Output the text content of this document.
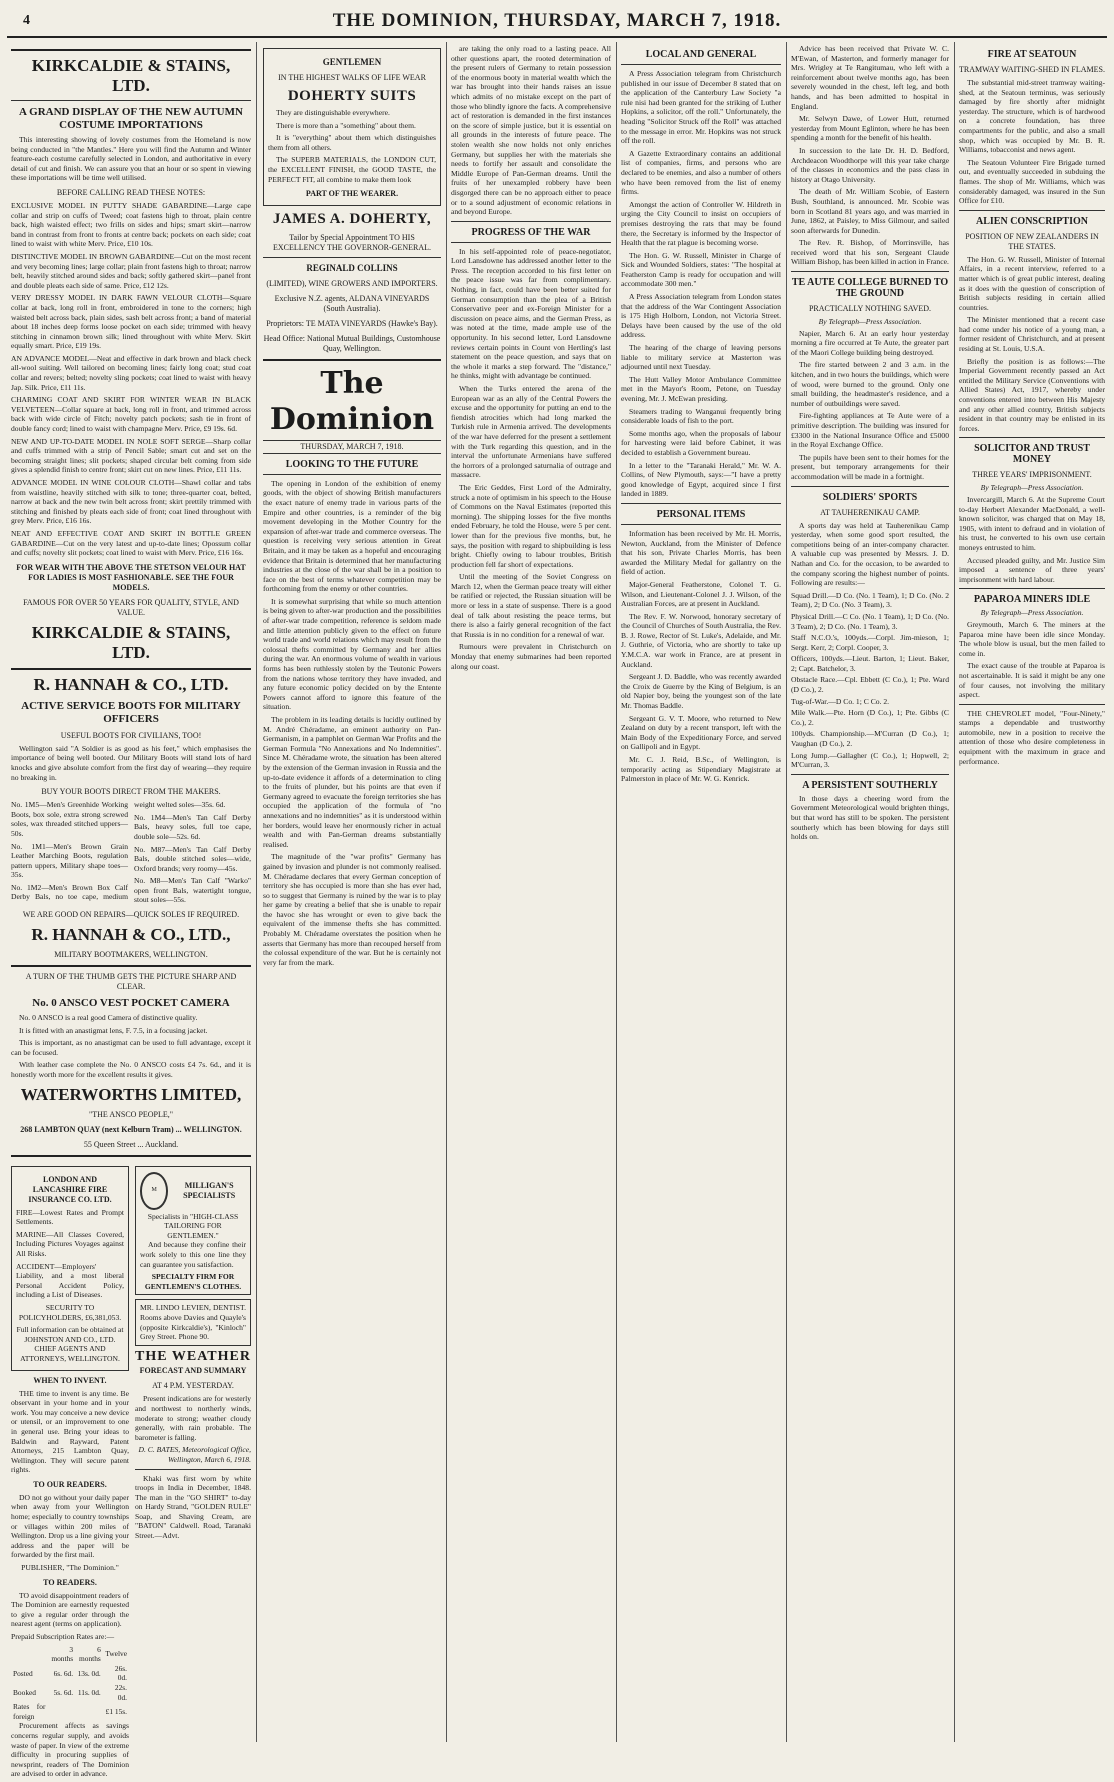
4	THE DOMINION, THURSDAY, MARCH 7, 1918.
KIRKCALDIE & STAINS, LTD.
A GRAND DISPLAY OF THE NEW AUTUMN COSTUME IMPORTATIONS

This interesting showing of lovely costumes from the Homeland is now being conducted in "the Mantles." Here you will find the Autumn and Winter feature-each costume carefully selected in London, and authoritative in every detail of cut and finish. We can assure you that an hour or so spent in viewing these importations will be time well utilised.

BEFORE CALLING READ THESE NOTES:
EXCLUSIVE MODEL IN PUTTY SHADE GABARDINE—Large cape collar and strip on cuffs of Tweed; coat fastens high to throat, plain centre back, high waisted effect; two frills on sides and hips; smart skirt—narrow band in contrast from front to fronts at centre back; pockets on each side; coat lined to waist with white Merv. Price, £10 10s.
DISTINCTIVE MODEL IN BROWN GABARDINE—Cut on the most recent and very becoming lines; large collar; plain front fastens high to throat; narrow belt, heavily stitched around sides and back; softly gathered skirt—panel front and double pleats each side of same. Price, £12 12s.
VERY DRESSY MODEL IN DARK FAWN VELOUR CLOTH—Square collar at back, long roll in front, embroidered in tone to the corners; high waisted belt across back, plain sides, sash belt across front; a band of material about 18 inches deep forms loose pocket on each side; trimmed with heavy stitching in cinnamon brown silk; lined throughout with white Merv. Skirt equally smart. Price, £19 19s.
AN ADVANCE MODEL—Neat and effective in dark brown and black check all-wool suiting. Well tailored on becoming lines; fairly long coat; stud coat collar and revers; belted; novelty sling pockets; coat lined to waist with heavy Jap. Silk. Price, £11 11s.
CHARMING COAT AND SKIRT FOR WINTER WEAR IN BLACK VELVETEEN—Collar square at back, long roll in front, and trimmed across back with wide circle of Fitch; novelty patch pockets; sash tie in front of double fancy cord; lined to waist with champagne Merv. Price, £9 19s. 6d.
NEW AND UP-TO-DATE MODEL IN NOLE SOFT SERGE—Sharp collar and cuffs trimmed with a strip of Pencil Sable; smart cut and set on the becoming straight lines; slit pockets; shaped circular belt coming from side gives a splendid finish to centre front; skirt cut on new lines. Price, £11 11s.
ADVANCE MODEL IN WINE COLOUR CLOTH—Shawl collar and tabs from waistline, heavily stitched with silk to tone; three-quarter coat, belted, narrow at back and the new twin belt across front; skirt prettily trimmed with stitching and finished by pleats each side of front; coat lined throughout with grey Merv. Price, £16 16s.
NEAT AND EFFECTIVE COAT AND SKIRT IN BOTTLE GREEN GABARDINE—Cut on the very latest and up-to-date lines; Opossum collar and cuffs; novelty slit pockets; coat lined to waist with Merv. Price, £16 16s.
FOR WEAR WITH THE ABOVE THE STETSON VELOUR HAT FOR LADIES IS MOST FASHIONABLE. SEE THE FOUR MODELS.
FAMOUS FOR OVER 50 YEARS FOR QUALITY, STYLE, AND VALUE.
KIRKCALDIE & STAINS, LTD.
R. HANNAH & CO., LTD.
ACTIVE SERVICE BOOTS FOR MILITARY OFFICERS
USEFUL BOOTS FOR CIVILIANS, TOO!

Wellington said "A Soldier is as good as his feet," which emphasises the importance of being well booted. Our Military Boots will stand lots of hard knocks and give absolute comfort from the first day of wearing—they require no breaking in.

BUY YOUR BOOTS DIRECT FROM THE MAKERS.
No. 1M5—Men's Greenhide Working Boots, box sole, extra strong screwed soles, wax threaded stitched uppers—50s.
No. 1M1—Men's Brown Grain Leather Marching Boots, regulation pattern uppers, Military shape toes—35s.
No. 1M2—Men's Brown Box Calf Derby Bals, no toe cape, medium weight welted soles—35s. 6d.
No. 1M4—Men's Tan Calf Derby Bals, heavy soles, full toe cape, double sole—52s. 6d.
No. M87—Men's Tan Calf Derby Bals, double stitched soles—wide, Oxford brands; very roomy—45s.
No. M8—Men's Tan Calf "Warko" open front Bals, watertight tongue, stout soles—55s.
WE ARE GOOD ON REPAIRS—QUICK SOLES IF REQUIRED.
R. HANNAH & CO., LTD.,
MILITARY BOOTMAKERS, WELLINGTON.
A TURN OF THE THUMB GETS THE PICTURE SHARP AND CLEAR.
No. 0 ANSCO VEST POCKET CAMERA

No. 0 ANSCO is a real good Camera of distinctive quality.

It is fitted with an anastigmat lens, F. 7.5, in a focusing jacket.

This is important, as no anastigmat can be used to full advantage, except it can be focused.

With leather case complete the No. 0 ANSCO costs £4 7s. 6d., and it is honestly worth more for the excellent results it gives.

WATERWORTHS LIMITED,
"THE ANSCO PEOPLE,"
268 LAMBTON QUAY (next Kelburn Tram) ... WELLINGTON.
55 Queen Street ... Auckland.
LONDON AND LANCASHIRE FIRE INSURANCE CO. LTD.
FIRE—Lowest Rates and Prompt Settlements.
MARINE—All Classes Covered, Including Pictures Voyages against All Risks.
ACCIDENT—Employers' Liability, and a most liberal Personal Accident Policy, including a List of Diseases.
SECURITY TO POLICYHOLDERS, £6,381,053.
Full information can be obtained at JOHNSTON AND CO., LTD. CHIEF AGENTS AND ATTORNEYS, WELLINGTON.
WHEN TO INVENT.

THE time to invent is any time. Be observant in your home and in your work. You may conceive a new device or utensil, or an improvement to one in general use. Bring your ideas to Baldwin and Rayward, Patent Attorneys, 215 Lambton Quay, Wellington. They will secure patent rights.

TO OUR READERS.

DO not go without your daily paper when away from your Wellington home; especially to country townships or villages within 200 miles of Wellington. Drop us a line giving your address and the paper will be forwarded by the first mail.

PUBLISHER, "The Dominion."
TO READERS.

TO avoid disappointment readers of The Dominion are earnestly requested to give a regular order through the nearest agent (terms on application).

Prepaid Subscription Rates are:—
	3 months	6 months	Twelve
Posted	6s. 6d.	13s. 0d.	26s. 0d.
Booked	5s. 6d.	11s. 0d.	22s. 0d.
Rates for foreign			£1 15s.

Procurement affects as savings concerns regular supply, and avoids waste of paper. In view of the extreme difficulty in procuring supplies of newsprint, readers of The Dominion are advised to order in advance.

M
MILLIGAN'S SPECIALISTS
Specialists in "HIGH-CLASS TAILORING FOR GENTLEMEN."

And because they confine their work solely to this one line they can guarantee you satisfaction.

SPECIALTY FIRM FOR GENTLEMEN'S CLOTHES.
MR. LINDO LEVIEN, DENTIST. Rooms above Davies and Quayle's (opposite Kirkcaldie's), "Kinloch" Grey Street. Phone 90.
THE WEATHER
FORECAST AND SUMMARY
AT 4 P.M. YESTERDAY.

Present indications are for westerly and northwest to northerly winds, moderate to strong; weather cloudy generally, with rain probable. The barometer is falling.

D. C. BATES, Meteorological Office, Wellington, March 6, 1918.

Khaki was first worn by white troops in India in December, 1848. The man in the "GO SHIRT" to-day on Hardy Strand, "GOLDEN RULE" Soap, and Shaving Cream, are "BATON" Caldwell. Road, Taranaki Street.—Advt.

GENTLEMEN
IN THE HIGHEST WALKS OF LIFE WEAR
DOHERTY SUITS

They are distinguishable everywhere.

There is more than a "something" about them.

It is "everything" about them which distinguishes them from all others.

The SUPERB MATERIALS, the LONDON CUT, the EXCELLENT FINISH, the GOOD TASTE, the PERFECT FIT, all combine to make them look

PART OF THE WEARER.
JAMES A. DOHERTY,
Tailor by Special Appointment TO HIS EXCELLENCY THE GOVERNOR-GENERAL.
REGINALD COLLINS
(LIMITED), WINE GROWERS AND IMPORTERS.
Exclusive N.Z. agents, ALDANA VINEYARDS (South Australia).
Proprietors: TE MATA VINEYARDS (Hawke's Bay).
Head Office: National Mutual Buildings, Customhouse Quay, Wellington.
The Dominion
THURSDAY, MARCH 7, 1918.
LOOKING TO THE FUTURE

The opening in London of the exhibition of enemy goods, with the object of showing British manufacturers the exact nature of enemy trade in various parts of the Empire and other countries, is a reminder of the big movement developing in the Mother Country for the expansion of after-war trade and commerce overseas. The question is receiving very serious attention in Great Britain, and it may be taken as a hopeful and encouraging evidence that Britain is determined that her manufacturing industries at the close of the war shall be in a position to face on the best of terms whatever competition may be forthcoming from the enemy or other countries.

It is somewhat surprising that while so much attention is being given to after-war production and the possibilities of after-war trade competition, reference is seldom made and little attention publicly given to the effect on future world trade and world relations which may result from the colossal thefts committed by Germany and her allies during the war. An enormous volume of wealth in various forms has been ruthlessly stolen by the Teutonic Powers from the nations whose territory they have invaded, and any future economic policy decided on by the Entente Powers cannot afford to ignore this feature of the situation.

The problem in its leading details is lucidly outlined by M. André Chéradame, an eminent authority on Pan-Germanism, in a pamphlet on German War Profits and the German Formula "No Annexations and No Indemnities". Since M. Chéradame wrote, the situation has been altered by the extension of the German invasion in Russia and the up-to-date evidence it affords of a determination to cling to the fruits of plunder, but his points are that even if Germany agreed to evacuate the foreign territories she has occupied the application of the formula of "no annexations and no indemnities" as it is understood within her borders, would leave her enormously richer in actual wealth and with Pan-German dreams substantially realised.

The magnitude of the "war profits" Germany has gained by invasion and plunder is not commonly realised. M. Chéradame declares that every German conception of territory she has occupied is more than she has ever had, so to suggest that Germany is ruined by the war is to play her game by creating a belief that she is unable to repair the havoc she has wrought or even to give back the equivalent of the immense thefts she has committed. Probably M. Chéradame overstates the position when he asserts that Germany has more than recouped herself from the colossal expenditure of the war. But he is certainly not very far from the mark.

are taking the only road to a lasting peace. All other questions apart, the rooted determination of the present rulers of Germany to retain possession of the enormous booty in material wealth which the war has brought into their hands raises an issue which admits of no mistake except on the part of those who blindly ignore the facts. A comprehensive act of restoration is demanded in the first instances on the score of simple justice, but it is essential on all grounds in the interests of future peace. The stolen wealth she now holds not only enriches Germany, but supplies her with the materials she needs to fortify her assault and consolidate the Middle Europe of Pan-German dreams. Until the fruits of her unexampled robbery have been disgorged there can be no approach either to peace or to a sound adjustment of economic relations in and beyond Europe.

PROGRESS OF THE WAR

In his self-appointed role of peace-negotiator, Lord Lansdowne has addressed another letter to the Press. The reception accorded to his first letter on the peace issue was far from complimentary. Nothing, in fact, could have been better suited for German consumption than the plea of a British Conservative peer and ex-Foreign Minister for a discussion on peace aims, and the German Press, as was noted at the time, made ample use of the opportunity. In his second letter, Lord Lansdowne reviews certain points in Count von Hertling's last statement on the peace question, and says that on the whole it marks a step forward. The "distance," he thinks, might with advantage be continued.

When the Turks entered the arena of the European war as an ally of the Central Powers the excuse and the opportunity for putting an end to the fiendish atrocities which had long marked the Turkish rule in Armenia arrived. The developments of the war have deferred for the present a settlement with the Turk regarding this question, and in the interval the unfortunate Armenians have suffered the horrors of a prolonged saturnalia of outrage and massacre.

The Eric Geddes, First Lord of the Admiralty, struck a note of optimism in his speech to the House of Commons on the Naval Estimates (reported this morning). The shipping losses for the five months ended February, he told the House, were 5 per cent. lower than for the previous five months, but, he says, the position with regard to shipbuilding is less bright. Chiefly owing to labour troubles, British production fell far short of expectations.

Until the meeting of the Soviet Congress on March 12, when the German peace treaty will either be ratified or rejected, the Russian situation will be more or less in a state of suspense. There is a good deal of talk about resisting the peace terms, but there is also a fairly general recognition of the fact that Russia is in no condition for a renewal of war.

Rumours were prevalent in Christchurch on Monday that enemy submarines had been reported along our coast.

LOCAL AND GENERAL

A Press Association telegram from Christchurch published in our issue of December 8 stated that on the application of the Canterbury Law Society "a rule nisi had been granted for the striking of Luther Hopkins, a solicitor, off the roll." Unfortunately, the heading "Solicitor Struck off the Roll" was attached to the message in error. Mr. Hopkins was not struck off the roll.

A Gazette Extraordinary contains an additional list of companies, firms, and persons who are declared to be enemies, and also a number of others who have been removed from the list of enemy firms.

Amongst the action of Controller W. Hildreth in urging the City Council to insist on occupiers of premises destroying the rats that may be found there, the Secretary is informed by the Inspector of Health that the rat plague is becoming worse.

The Hon. G. W. Russell, Minister in Charge of Sick and Wounded Soldiers, states: "The hospital at Featherston Camp is ready for occupation and will accommodate 300 men."

A Press Association telegram from London states that the address of the War Contingent Association is 175 High Holborn, London, not Victoria Street. Delays have been caused by the use of the old address.

The hearing of the charge of leaving persons liable to military service at Masterton was adjourned until next Tuesday.

The Hutt Valley Motor Ambulance Committee met in the Mayor's Room, Petone, on Tuesday evening, Mr. J. McEwan presiding.

Steamers trading to Wanganui frequently bring considerable loads of fish to the port.

Some months ago, when the proposals of labour for harvesting were laid before Cabinet, it was decided to establish a Government bureau.

In a letter to the "Taranaki Herald," Mr. W. A. Collins, of New Plymouth, says:—"I have a pretty good knowledge of Egypt, acquired since I first landed in 1889.

PERSONAL ITEMS

Information has been received by Mr. H. Morris, Newton, Auckland, from the Minister of Defence that his son, Private Charles Morris, has been awarded the Military Medal for gallantry on the field of action.

Major-General Featherstone, Colonel T. G. Wilson, and Lieutenant-Colonel J. J. Wilson, of the Australian Forces, are at present in Auckland.

The Rev. F. W. Norwood, honorary secretary of the Council of Churches of South Australia, the Rev. B. J. Rowe, Rector of St. Luke's, Adelaide, and Mr. J. Guthrie, of Victoria, who are shortly to take up Y.M.C.A. war work in France, are at present in Auckland.

Sergeant J. D. Baddle, who was recently awarded the Croix de Guerre by the King of Belgium, is an old Napier boy, being the youngest son of the late Mr. Thomas Baddle.

Sergeant G. V. T. Moore, who returned to New Zealand on duty by a recent transport, left with the Main Body of the Expeditionary Force, and served on Gallipoli and in Egypt.

Mr. C. J. Reid, B.Sc., of Wellington, is temporarily acting as Stipendiary Magistrate at Palmerston in place of Mr. W. G. Kenrick.

Advice has been received that Private W. C. M'Ewan, of Masterton, and formerly manager for Mrs. Wrigley at Te Rangitumau, who left with a reinforcement about twelve months ago, has been severely wounded in the chest, left leg, and both hands, and has been admitted to hospital in England.

Mr. Selwyn Dawe, of Lower Hutt, returned yesterday from Mount Eglinton, where he has been spending a month for the benefit of his health.

In succession to the late Dr. H. D. Bedford, Archdeacon Woodthorpe will this year take charge of the classes in economics and the pass class in history at Otago University.

The death of Mr. William Scobie, of Eastern Bush, Southland, is announced. Mr. Scobie was born in Scotland 81 years ago, and was married in June, 1862, at Paisley, to Miss Gilmour, and sailed soon afterwards for Dunedin.

The Rev. R. Bishop, of Morrinsville, has received word that his son, Sergeant Claude William Bishop, has been killed in action in France.

TE AUTE COLLEGE BURNED TO THE GROUND
PRACTICALLY NOTHING SAVED.
By Telegraph—Press Association.

Napier, March 6. At an early hour yesterday morning a fire occurred at Te Aute, the greater part of the Maori College building being destroyed.

The fire started between 2 and 3 a.m. in the kitchen, and in two hours the buildings, which were of wood, were burned to the ground. Only one small building, the headmaster's residence, and a number of outbuildings were saved.

Fire-fighting appliances at Te Aute were of a primitive description. The building was insured for £3300 in the National Insurance Office and £5000 in the Royal Exchange Office.

The pupils have been sent to their homes for the present, but temporary arrangements for their accommodation will be made in a fortnight.

SOLDIERS' SPORTS
AT TAUHERENIKAU CAMP.

A sports day was held at Tauherenikau Camp yesterday, when some good sport resulted, the competitions being of an inter-company character. A valuable cup was presented by Messrs. J. D. Nathan and Co. for the occasion, to be awarded to the company scoring the highest number of points. Following are results:—

Squad Drill.—D Co. (No. 1 Team), 1; D Co. (No. 2 Team), 2; D Co. (No. 3 Team), 3.
Physical Drill.—C Co. (No. 1 Team), 1; D Co. (No. 3 Team), 2; D Co. (No. 1 Team), 3.
Staff N.C.O.'s, 100yds.—Corpl. Jim-mieson, 1; Sergt. Kerr, 2; Corpl. Cooper, 3.
Officers, 100yds.—Lieut. Barton, 1; Lieut. Baker, 2; Capt. Batchelor, 3.
Obstacle Race.—Cpl. Ebbett (C Co.), 1; Pte. Ward (D Co.), 2.
Tug-of-War.—D Co. 1; C Co. 2.
Mile Walk.—Pte. Horn (D Co.), 1; Pte. Gibbs (C Co.), 2.
100yds. Championship.—M'Curran (D Co.), 1; Vaughan (D Co.), 2.
Long Jump.—Gallagher (C Co.), 1; Hopwell, 2; M'Curran, 3.
A PERSISTENT SOUTHERLY

In those days a cheering word from the Government Meteorological would brighten things, but that word has still to be spoken. The persistent southerly which has been blowing for days still holds on.

FIRE AT SEATOUN
TRAMWAY WAITING-SHED IN FLAMES.

The substantial mid-street tramway waiting-shed, at the Seatoun terminus, was seriously damaged by fire shortly after midnight yesterday. The structure, which is of hardwood on a concrete foundation, has three compartments for the public, and also a small shop, which was occupied by Mr. B. R. Williams, tobacconist and news agent.

The Seatoun Volunteer Fire Brigade turned out, and eventually succeeded in subduing the flames. The shop of Mr. Williams, which was considerably damaged, was insured in the Sun Office for £10.

ALIEN CONSCRIPTION
POSITION OF NEW ZEALANDERS IN THE STATES.

The Hon. G. W. Russell, Minister of Internal Affairs, in a recent interview, referred to a matter which is of great public interest, dealing as it does with the question of conscription of British subjects residing in certain allied countries.

The Minister mentioned that a recent case had come under his notice of a young man, a former resident of Christchurch, and at present residing at St. Louis, U.S.A.

Briefly the position is as follows:—The Imperial Government recently passed an Act entitled the Military Service (Conventions with Allied States) Act, 1917, whereby under conventions entered into between His Majesty and any other allied country, British subjects resident in that country may be enlisted in its forces.

SOLICITOR AND TRUST MONEY
THREE YEARS' IMPRISONMENT.
By Telegraph—Press Association.

Invercargill, March 6. At the Supreme Court to-day Herbert Alexander MacDonald, a well-known solicitor, was charged that on May 18, 1905, with intent to defraud and in violation of his trust, he converted to his own use certain moneys entrusted to him.

Accused pleaded guilty, and Mr. Justice Sim imposed a sentence of three years' imprisonment with hard labour.

PAPAROA MINERS IDLE
By Telegraph—Press Association.

Greymouth, March 6. The miners at the Paparoa mine have been idle since Monday. The whole blow is usual, but the men failed to come in.

The exact cause of the trouble at Paparoa is not ascertainable. It is said it might be any one of four causes, not involving the military aspect.

THE CHEVROLET model, "Four-Ninety," stamps a dependable and trustworthy automobile, new in a position to receive the attention of those who desire completeness in equipment with the maximum in grace and performance.
